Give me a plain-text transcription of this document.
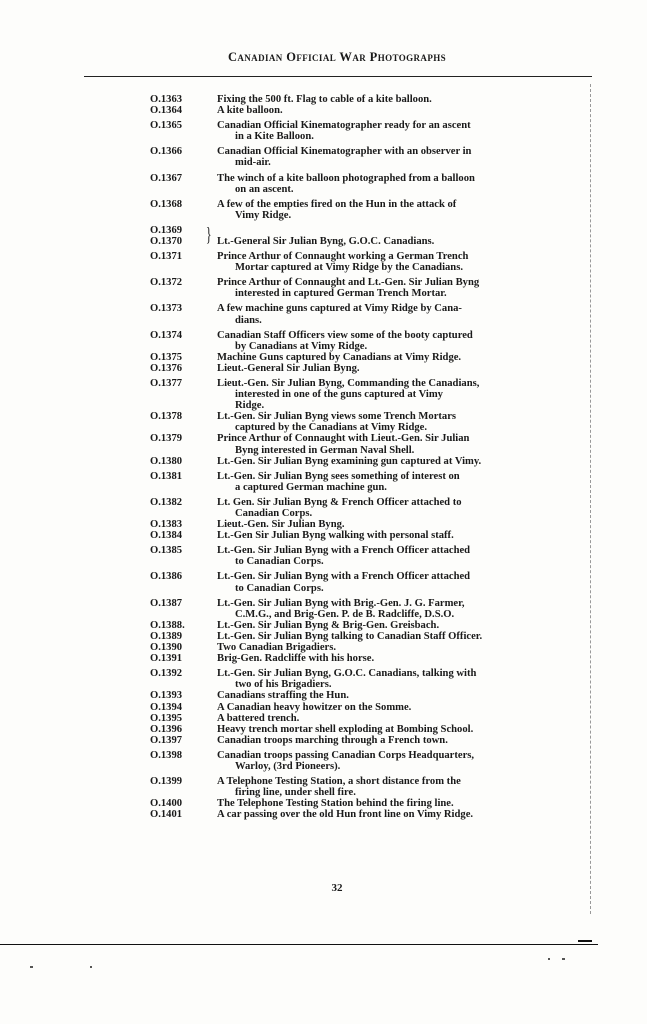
Canadian Official War Photographs
O.1363	Fixing the 500 ft. Flag to cable of a kite balloon.
O.1364	A kite balloon.
O.1365	Canadian Official Kinematographer ready for an ascent
in a Kite Balloon.
O.1366	Canadian Official Kinematographer with an observer in
mid-air.
O.1367	The winch of a kite balloon photographed from a balloon
on an ascent.
O.1368	A few of the empties fired on the Hun in the attack of
Vimy Ridge.
O.1369
O.1370	} Lt.-General Sir Julian Byng, G.O.C. Canadians.
O.1371	Prince Arthur of Connaught working a German Trench
Mortar captured at Vimy Ridge by the Canadians.
O.1372	Prince Arthur of Connaught and Lt.-Gen. Sir Julian Byng
interested in captured German Trench Mortar.
O.1373	A few machine guns captured at Vimy Ridge by Cana-
dians.
O.1374	Canadian Staff Officers view some of the booty captured
by Canadians at Vimy Ridge.
O.1375	Machine Guns captured by Canadians at Vimy Ridge.
O.1376	Lieut.-General Sir Julian Byng.
O.1377	Lieut.-Gen. Sir Julian Byng, Commanding the Canadians,
interested in one of the guns captured at Vimy
Ridge.
O.1378	Lt.-Gen. Sir Julian Byng views some Trench Mortars
captured by the Canadians at Vimy Ridge.
O.1379	Prince Arthur of Connaught with Lieut.-Gen. Sir Julian
Byng interested in German Naval Shell.
O.1380	Lt.-Gen. Sir Julian Byng examining gun captured at Vimy.
O.1381	Lt.-Gen. Sir Julian Byng sees something of interest on
a captured German machine gun.
O.1382	Lt. Gen. Sir Julian Byng & French Officer attached to
Canadian Corps.
O.1383	Lieut.-Gen. Sir Julian Byng.
O.1384	Lt.-Gen Sir Julian Byng walking with personal staff.
O.1385	Lt.-Gen. Sir Julian Byng with a French Officer attached
to Canadian Corps.
O.1386	Lt.-Gen. Sir Julian Byng with a French Officer attached
to Canadian Corps.
O.1387	Lt.-Gen. Sir Julian Byng with Brig.-Gen. J. G. Farmer,
C.M.G., and Brig-Gen. P. de B. Radcliffe, D.S.O.
O.1388.	Lt.-Gen. Sir Julian Byng & Brig-Gen. Greisbach.
O.1389	Lt.-Gen. Sir Julian Byng talking to Canadian Staff Officer.
O.1390	Two Canadian Brigadiers.
O.1391	Brig-Gen. Radcliffe with his horse.
O.1392	Lt.-Gen. Sir Julian Byng, G.O.C. Canadians, talking with
two of his Brigadiers.
O.1393	Canadians straffing the Hun.
O.1394	A Canadian heavy howitzer on the Somme.
O.1395	A battered trench.
O.1396	Heavy trench mortar shell exploding at Bombing School.
O.1397	Canadian troops marching through a French town.
O.1398	Canadian troops passing Canadian Corps Headquarters,
Warloy, (3rd Pioneers).
O.1399	A Telephone Testing Station, a short distance from the
firing line, under shell fire.
O.1400	The Telephone Testing Station behind the firing line.
O.1401	A car passing over the old Hun front line on Vimy Ridge.
32
